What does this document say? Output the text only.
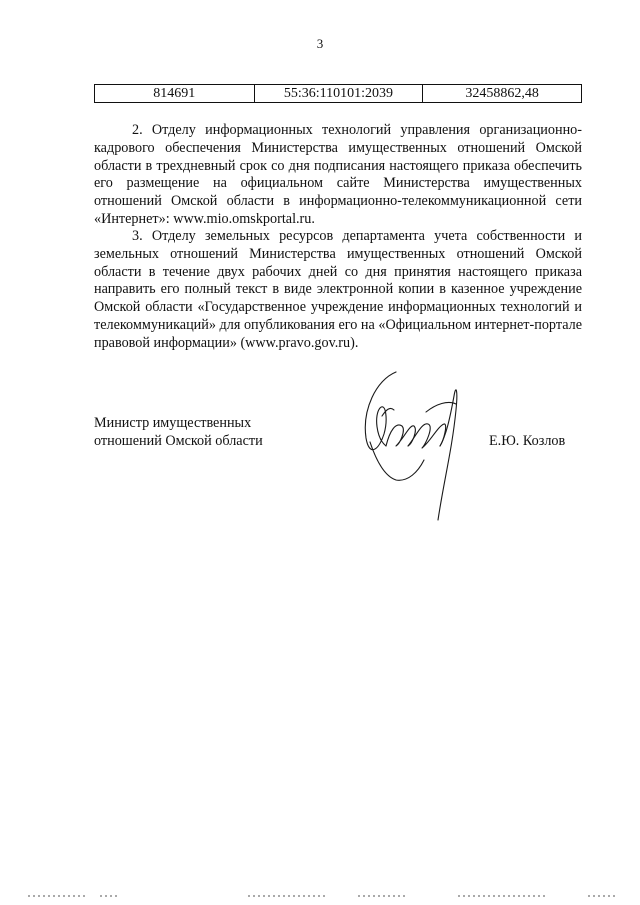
3
814691	55:36:110101:2039	32458862,48

2. Отделу информационных технологий управления организационно-кадрового обеспечения Министерства имущественных отношений Омской области в трехдневный срок со дня подписания настоящего приказа обеспечить его размещение на официальном сайте Министерства имущественных отношений Омской области в информационно-телекоммуникационной сети «Интернет»: www.mio.omskportal.ru.

3. Отделу земельных ресурсов департамента учета собственности и земельных отношений Министерства имущественных отношений Омской области в течение двух рабочих дней со дня принятия настоящего приказа направить его полный текст в виде электронной копии в казенное учреждение Омской области «Государственное учреждение информационных технологий и телекоммуникаций» для опубликования его на «Официальном интернет-портале правовой информации» (www.pravo.gov.ru).

Министр имущественных
отношений Омской области	Е.Ю. Козлов
